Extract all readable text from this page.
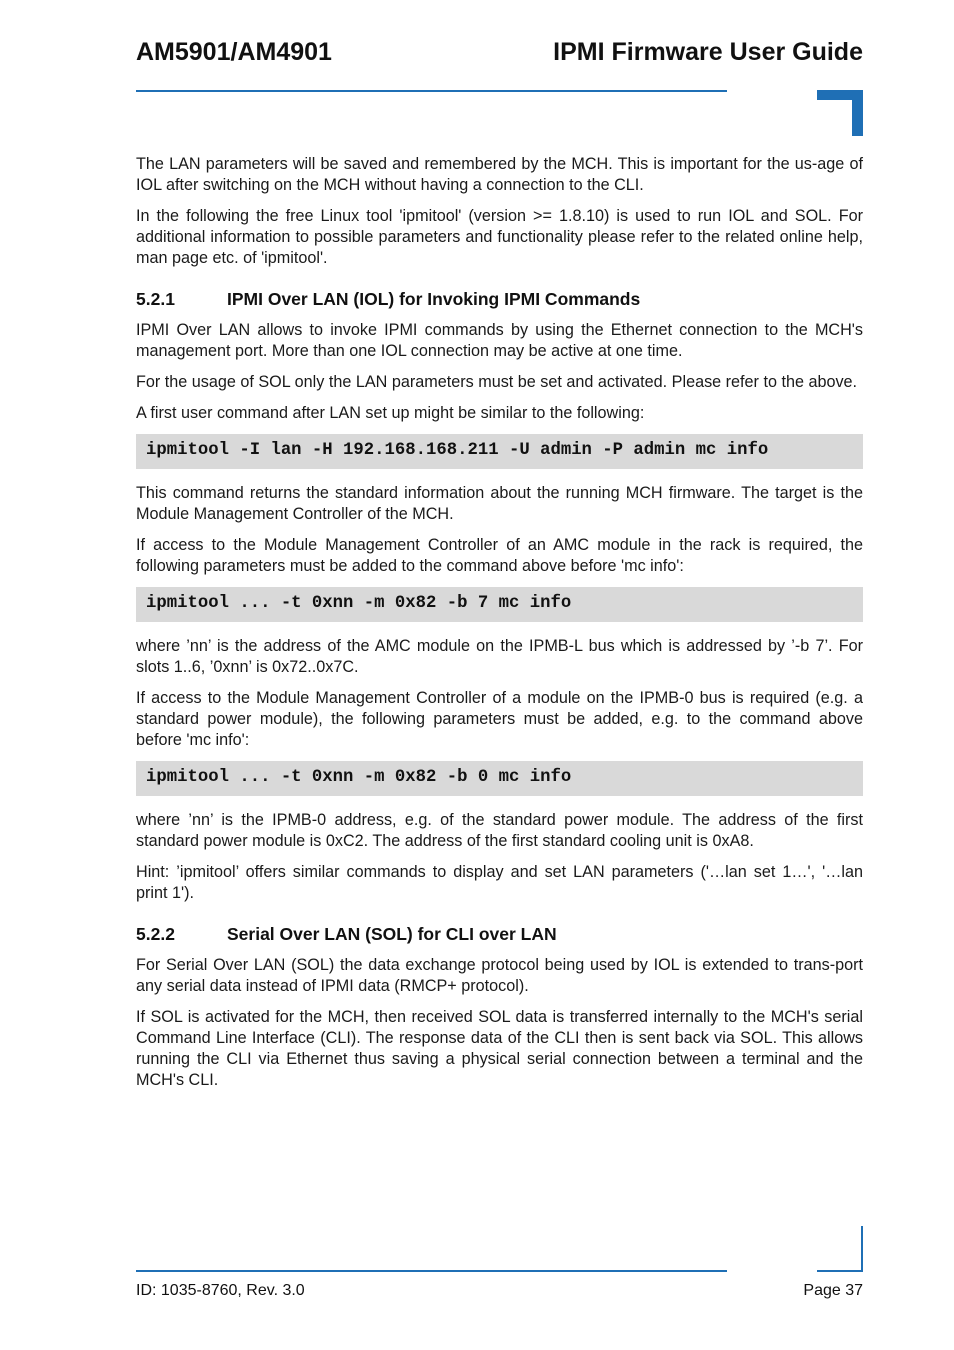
AM5901/AM4901	IPMI Firmware User Guide

The LAN parameters will be saved and remembered by the MCH. This is important for the us-age of IOL after switching on the MCH without having a connection to the CLI.

In the following the free Linux tool 'ipmitool' (version >= 1.8.10) is used to run IOL and SOL. For additional information to possible parameters and functionality please refer to the related online help, man page etc. of 'ipmitool'.

5.2.1	IPMI Over LAN (IOL) for Invoking IPMI Commands

IPMI Over LAN allows to invoke IPMI commands by using the Ethernet connection to the MCH's management port. More than one IOL connection may be active at one time.

For the usage of SOL only the LAN parameters must be set and activated. Please refer to the above.

A first user command after LAN set up might be similar to the following:

ipmitool -I lan -H 192.168.168.211 -U admin -P admin mc info

This command returns the standard information about the running MCH firmware. The target is the Module Management Controller of the MCH.

If access to the Module Management Controller of an AMC module in the rack is required, the following parameters must be added to the command above before 'mc info':

ipmitool ... -t 0xnn -m 0x82 -b 7 mc info

where ’nn’ is the address of the AMC module on the IPMB-L bus which is addressed by ’-b 7’. For slots 1..6, ’0xnn’ is 0x72..0x7C.

If access to the Module Management Controller of a module on the IPMB-0 bus is required (e.g. a standard power module), the following parameters must be added, e.g. to the command above before 'mc info':

ipmitool ... -t 0xnn -m 0x82 -b 0 mc info

where ’nn’ is the IPMB-0 address, e.g. of the standard power module. The address of the first standard power module is 0xC2. The address of the first standard cooling unit is 0xA8.

Hint: ’ipmitool’ offers similar commands to display and set LAN parameters ('…lan set 1…', '…lan print 1').

5.2.2	Serial Over LAN (SOL) for CLI over LAN

For Serial Over LAN (SOL) the data exchange protocol being used by IOL is extended to trans-port any serial data instead of IPMI data (RMCP+ protocol).

If SOL is activated for the MCH, then received SOL data is transferred internally to the MCH's serial Command Line Interface (CLI). The response data of the CLI then is sent back via SOL. This allows running the CLI via Ethernet thus saving a physical serial connection between a terminal and the MCH's CLI.

ID: 1035-8760, Rev. 3.0	Page 37
